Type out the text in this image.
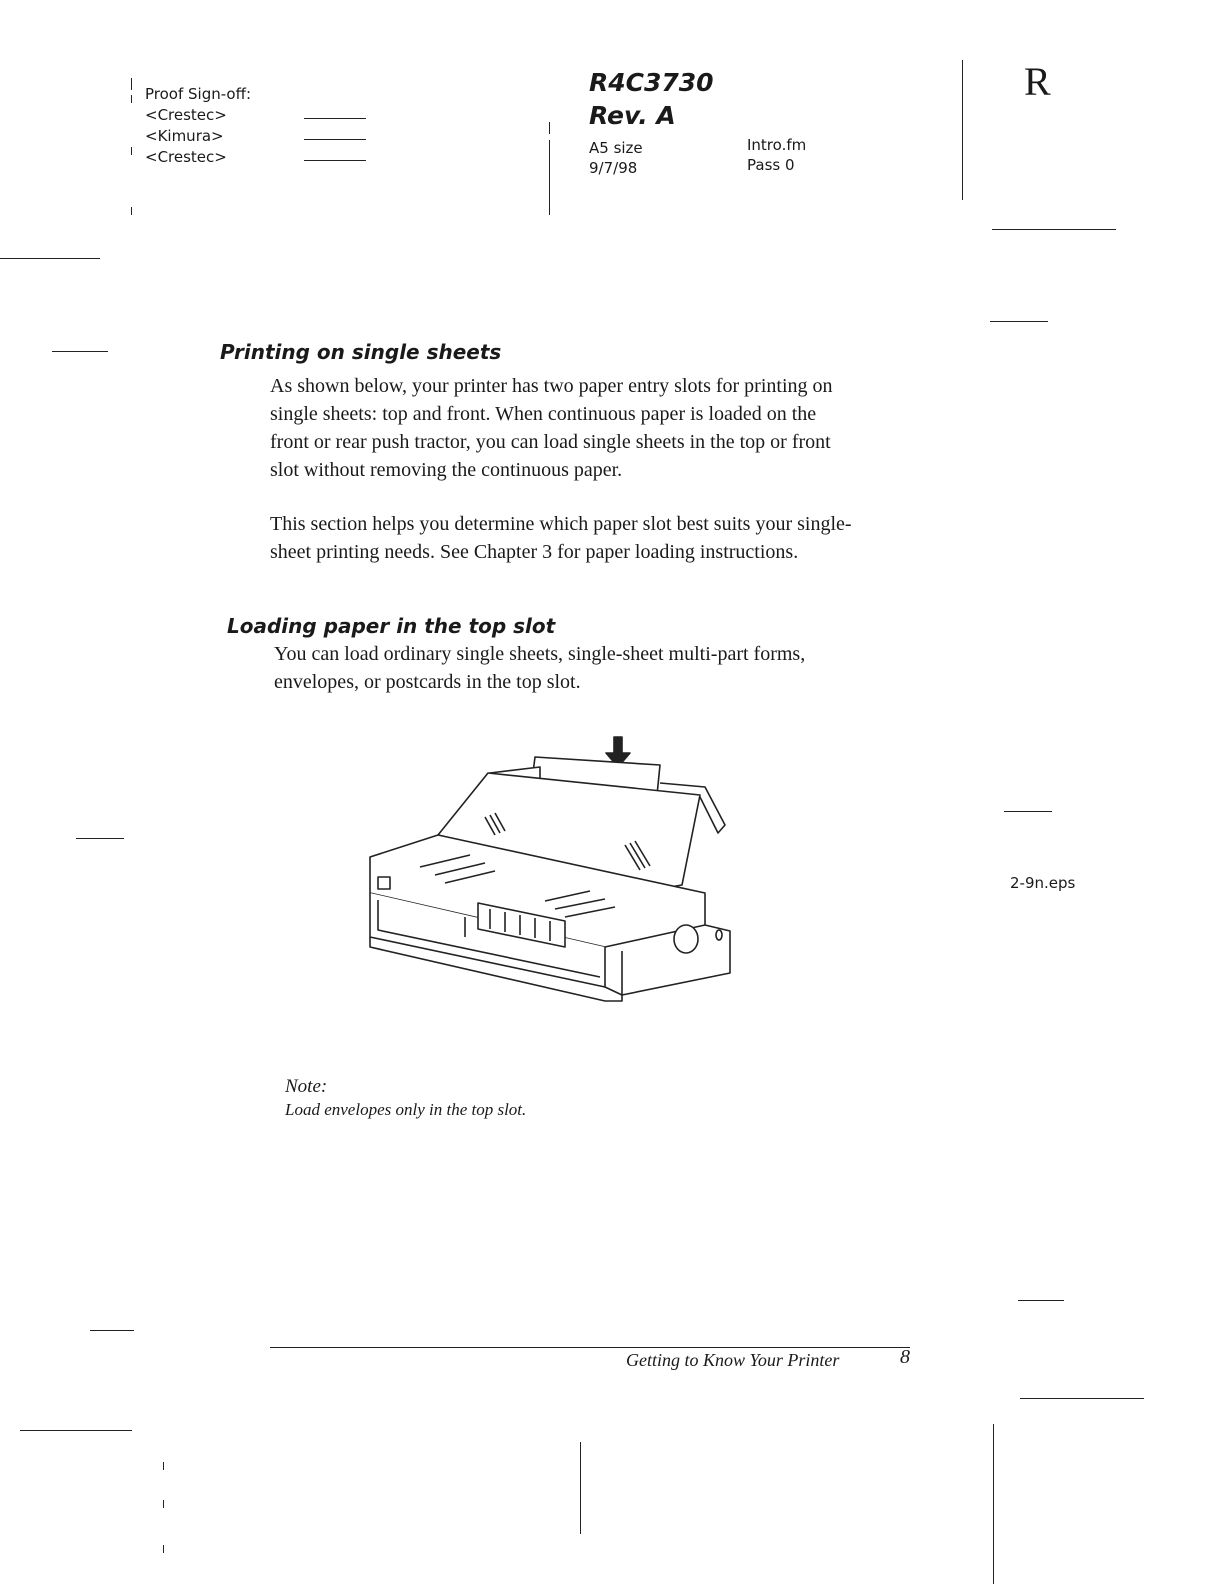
Proof Sign-off:
<Crestec>
<Kimura>
<Crestec>
R4C3730
Rev. A
A5 size
9/7/98
Intro.fm
Pass 0
R
Printing on single sheets

As shown below, your printer has two paper entry slots for printing on single sheets: top and front. When continuous paper is loaded on the front or rear push tractor, you can load single sheets in the top or front slot without removing the continuous paper.

This section helps you determine which paper slot best suits your single-sheet printing needs. See Chapter 3 for paper loading instructions.

Loading paper in the top slot
You can load ordinary single sheets, single-sheet multi-part forms, envelopes, or postcards in the top slot.
2-9n.eps
Note:
Load envelopes only in the top slot.
Getting to Know Your Printer	8
